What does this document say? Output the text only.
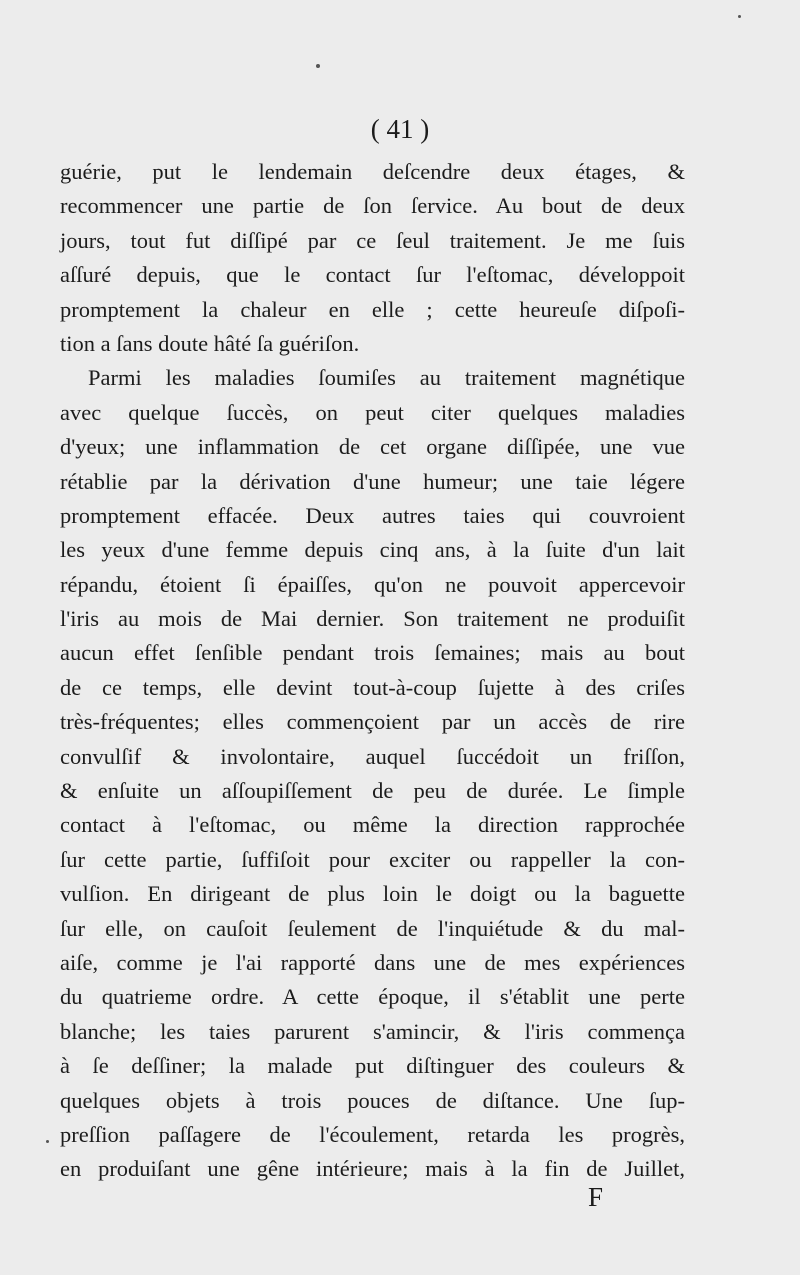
( 41 )
guérie, put le lendemain deſcendre deux étages, &
recommencer une partie de ſon ſervice. Au bout de deux
jours, tout fut diſſipé par ce ſeul traitement. Je me ſuis
aſſuré depuis, que le contact ſur l'eſtomac, développoit
promptement la chaleur en elle ; cette heureuſe diſpoſi-
tion a ſans doute hâté ſa guériſon.
Parmi les maladies ſoumiſes au traitement magnétique
avec quelque ſuccès, on peut citer quelques maladies
d'yeux; une inflammation de cet organe diſſipée, une vue
rétablie par la dérivation d'une humeur; une taie légere
promptement effacée. Deux autres taies qui couvroient
les yeux d'une femme depuis cinq ans, à la ſuite d'un lait
répandu, étoient ſi épaiſſes, qu'on ne pouvoit appercevoir
l'iris au mois de Mai dernier. Son traitement ne produiſit
aucun effet ſenſible pendant trois ſemaines; mais au bout
de ce temps, elle devint tout-à-coup ſujette à des criſes
très-fréquentes; elles commençoient par un accès de rire
convulſif & involontaire, auquel ſuccédoit un friſſon,
& enſuite un aſſoupiſſement de peu de durée. Le ſimple
contact à l'eſtomac, ou même la direction rapprochée
ſur cette partie, ſuffiſoit pour exciter ou rappeller la con-
vulſion. En dirigeant de plus loin le doigt ou la baguette
ſur elle, on cauſoit ſeulement de l'inquiétude & du mal-
aiſe, comme je l'ai rapporté dans une de mes expériences
du quatrieme ordre. A cette époque, il s'établit une perte
blanche; les taies parurent s'amincir, & l'iris commença
à ſe deſſiner; la malade put diſtinguer des couleurs &
quelques objets à trois pouces de diſtance. Une ſup-
preſſion paſſagere de l'écoulement, retarda les progrès,
en produiſant une gêne intérieure; mais à la fin de Juillet,
F
